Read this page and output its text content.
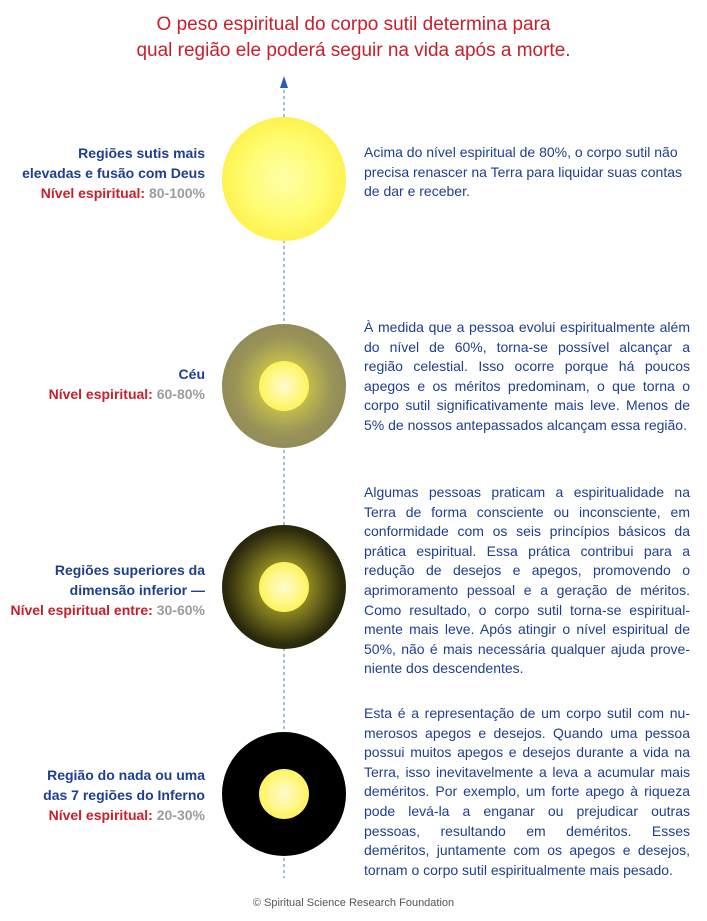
O peso espiritual do corpo sutil determina para
qual região ele poderá seguir na vida após a morte.
Regiões sutis mais
elevadas e fusão com Deus
Nível espiritual: 80-100%
Acima do nível espiritual de 80%, o corpo sutil não precisa renascer na Terra para liquidar suas contas de dar e receber.
Céu
Nível espiritual: 60-80%
À medida que a pessoa evolui espiritualmente além do nível de 60%, torna-se possível alcançar a região celestial. Isso ocorre porque há poucos apegos e os méritos predominam, o que torna o corpo sutil significativamente mais leve. Menos de 5% de nossos antepassados alcançam essa região.
Regiões superiores da
dimensão inferior —
Nível espiritual entre: 30-60%
Algumas pessoas praticam a espiritualidade na Terra de forma consciente ou inconsciente, em conformidade com os seis princípios básicos da prática espiritual. Essa prática contribui para a redução de desejos e apegos, promovendo o aprimoramento pessoal e a geração de méritos. Como resultado, o corpo sutil torna-se espiritualmente mais leve. Após atingir o nível espiritual de 50%, não é mais necessária qualquer ajuda proveniente dos descendentes.
Região do nada ou uma
das 7 regiões do Inferno
Nível espiritual: 20-30%
Esta é a representação de um corpo sutil com numerosos apegos e desejos. Quando uma pessoa possui muitos apegos e desejos durante a vida na Terra, isso inevitavelmente a leva a acumular mais deméritos. Por exemplo, um forte apego à riqueza pode levá-la a enganar ou prejudicar outras pessoas, resultando em deméritos. Esses deméritos, juntamente com os apegos e desejos, tornam o corpo sutil espiritualmente mais pesado.
© Spiritual Science Research Foundation
